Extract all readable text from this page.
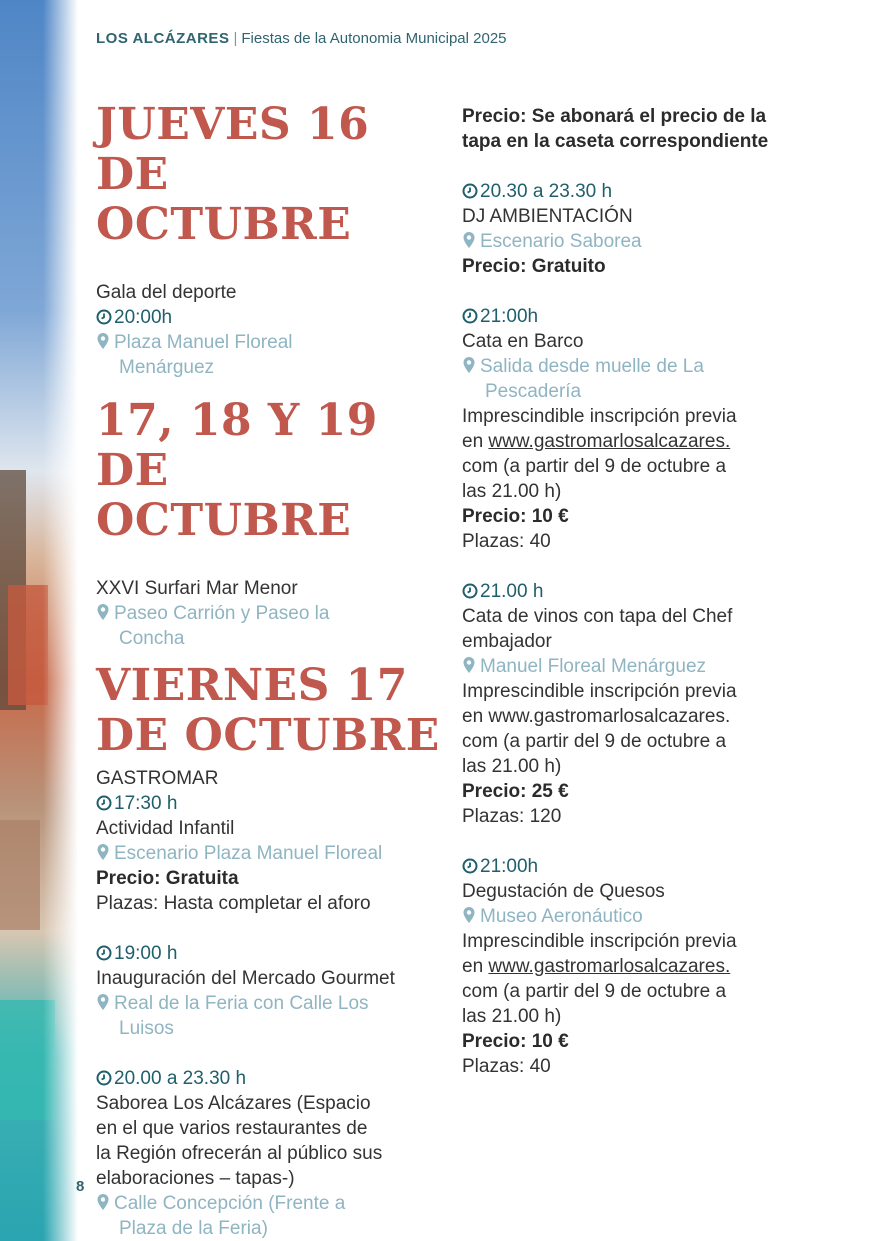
LOS ALCÁZARES | Fiestas de la Autonomia Municipal 2025
JUEVES 16 DE
OCTUBRE

Gala del deporte

20:00h

Plaza Manuel Floreal

Menárguez

17, 18 Y 19 DE
OCTUBRE

XXVI Surfari Mar Menor

Paseo Carrión y Paseo la

Concha

VIERNES 17
DE OCTUBRE

GASTROMAR

17:30 h

Actividad Infantil

Escenario Plaza Manuel Floreal

Precio: Gratuita

Plazas: Hasta completar el aforo

19:00 h

Inauguración del Mercado Gourmet

Real de la Feria con Calle Los

Luisos

20.00 a 23.30 h

Saborea Los Alcázares (Espacio

en el que varios restaurantes de

la Región ofrecerán al público sus

elaboraciones – tapas-)

Calle Concepción (Frente a

Plaza de la Feria)

Precio: Se abonará el precio de la

tapa en la caseta correspondiente

20.30 a 23.30 h

DJ AMBIENTACIÓN

Escenario Saborea

Precio: Gratuito

21:00h

Cata en Barco

Salida desde muelle de La

Pescadería

Imprescindible inscripción previa

en www.gastromarlosalcazares.

com (a partir del 9 de octubre a

las 21.00 h)

Precio: 10 €

Plazas: 40

21.00 h

Cata de vinos con tapa del Chef

embajador

Manuel Floreal Menárguez

Imprescindible inscripción previa

en www.gastromarlosalcazares.

com (a partir del 9 de octubre a

las 21.00 h)

Precio: 25 €

Plazas: 120

21:00h

Degustación de Quesos

Museo Aeronáutico

Imprescindible inscripción previa

en www.gastromarlosalcazares.

com (a partir del 9 de octubre a

las 21.00 h)

Precio: 10 €

Plazas: 40

8
